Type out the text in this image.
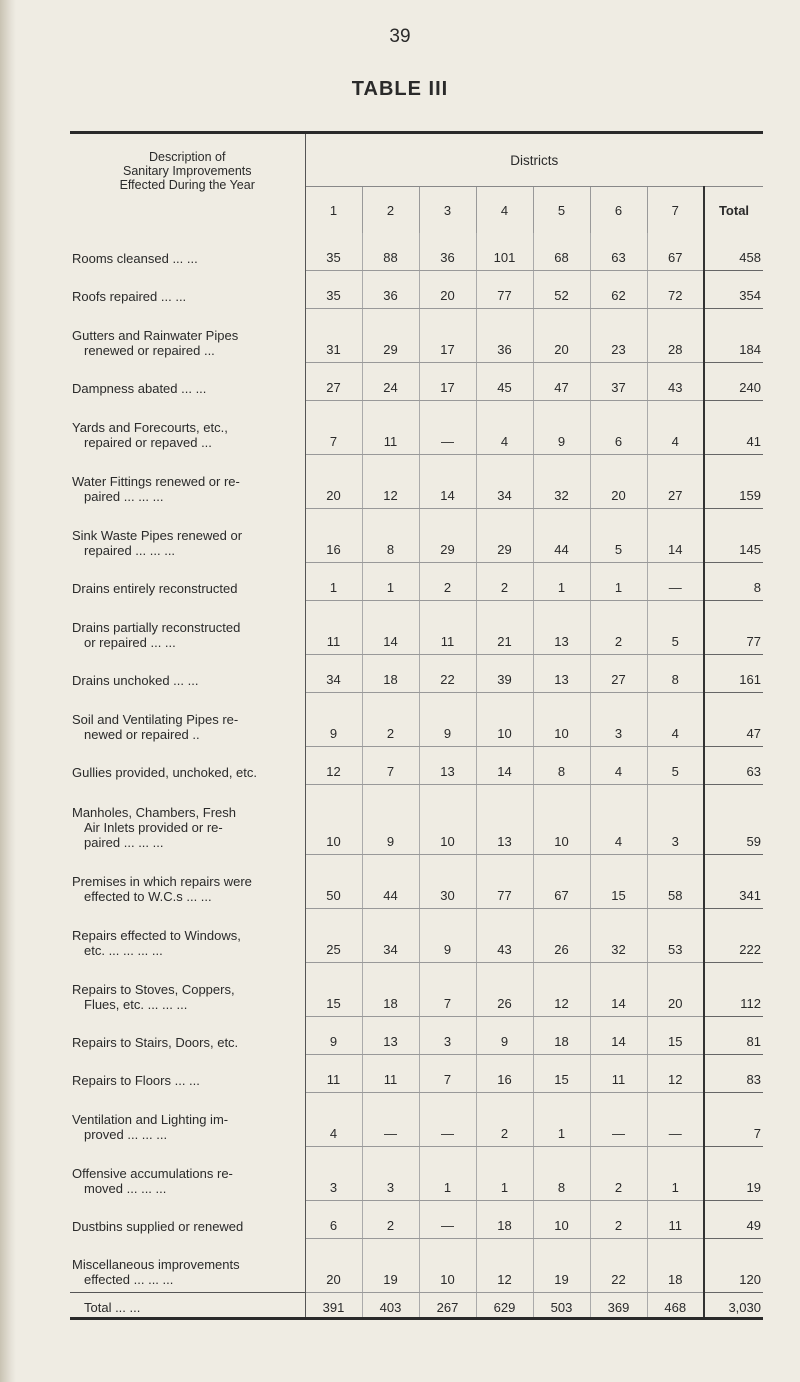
39
TABLE III

Description of
Sanitary Improvements
Effected During the Year	Districts							
	1	2	3	4	5	6	7	Total
Rooms cleansed ... ...	35	88	36	101	68	63	67	458
Roofs repaired ... ...	35	36	20	77	52	62	72	354
Gutters and Rainwater Pipes

renewed or repaired ...	31	29	17	36	20	23	28	184
Dampness abated ... ...	27	24	17	45	47	37	43	240
Yards and Forecourts, etc.,

repaired or repaved ...	7	11	—	4	9	6	4	41
Water Fittings renewed or re-

paired ... ... ...	20	12	14	34	32	20	27	159
Sink Waste Pipes renewed or

repaired ... ... ...	16	8	29	29	44	5	14	145
Drains entirely reconstructed	1	1	2	2	1	1	—	8
Drains partially reconstructed

or repaired ... ...	11	14	11	21	13	2	5	77
Drains unchoked ... ...	34	18	22	39	13	27	8	161
Soil and Ventilating Pipes re-

newed or repaired ..	9	2	9	10	10	3	4	47
Gullies provided, unchoked, etc.	12	7	13	14	8	4	5	63
Manholes, Chambers, Fresh

Air Inlets provided or re-
paired ... ... ...	10	9	10	13	10	4	3	59
Premises in which repairs were

effected to W.C.s ... ...	50	44	30	77	67	15	58	341
Repairs effected to Windows,

etc. ... ... ... ...	25	34	9	43	26	32	53	222
Repairs to Stoves, Coppers,

Flues, etc. ... ... ...	15	18	7	26	12	14	20	112
Repairs to Stairs, Doors, etc.	9	13	3	9	18	14	15	81
Repairs to Floors ... ...	11	11	7	16	15	11	12	83
Ventilation and Lighting im-

proved ... ... ...	4	—	—	2	1	—	—	7
Offensive accumulations re-

moved ... ... ...	3	3	1	1	8	2	1	19
Dustbins supplied or renewed	6	2	—	18	10	2	11	49
Miscellaneous improvements

effected ... ... ...	20	19	10	12	19	22	18	120
Total ... ...	391	403	267	629	503	369	468	3,030
